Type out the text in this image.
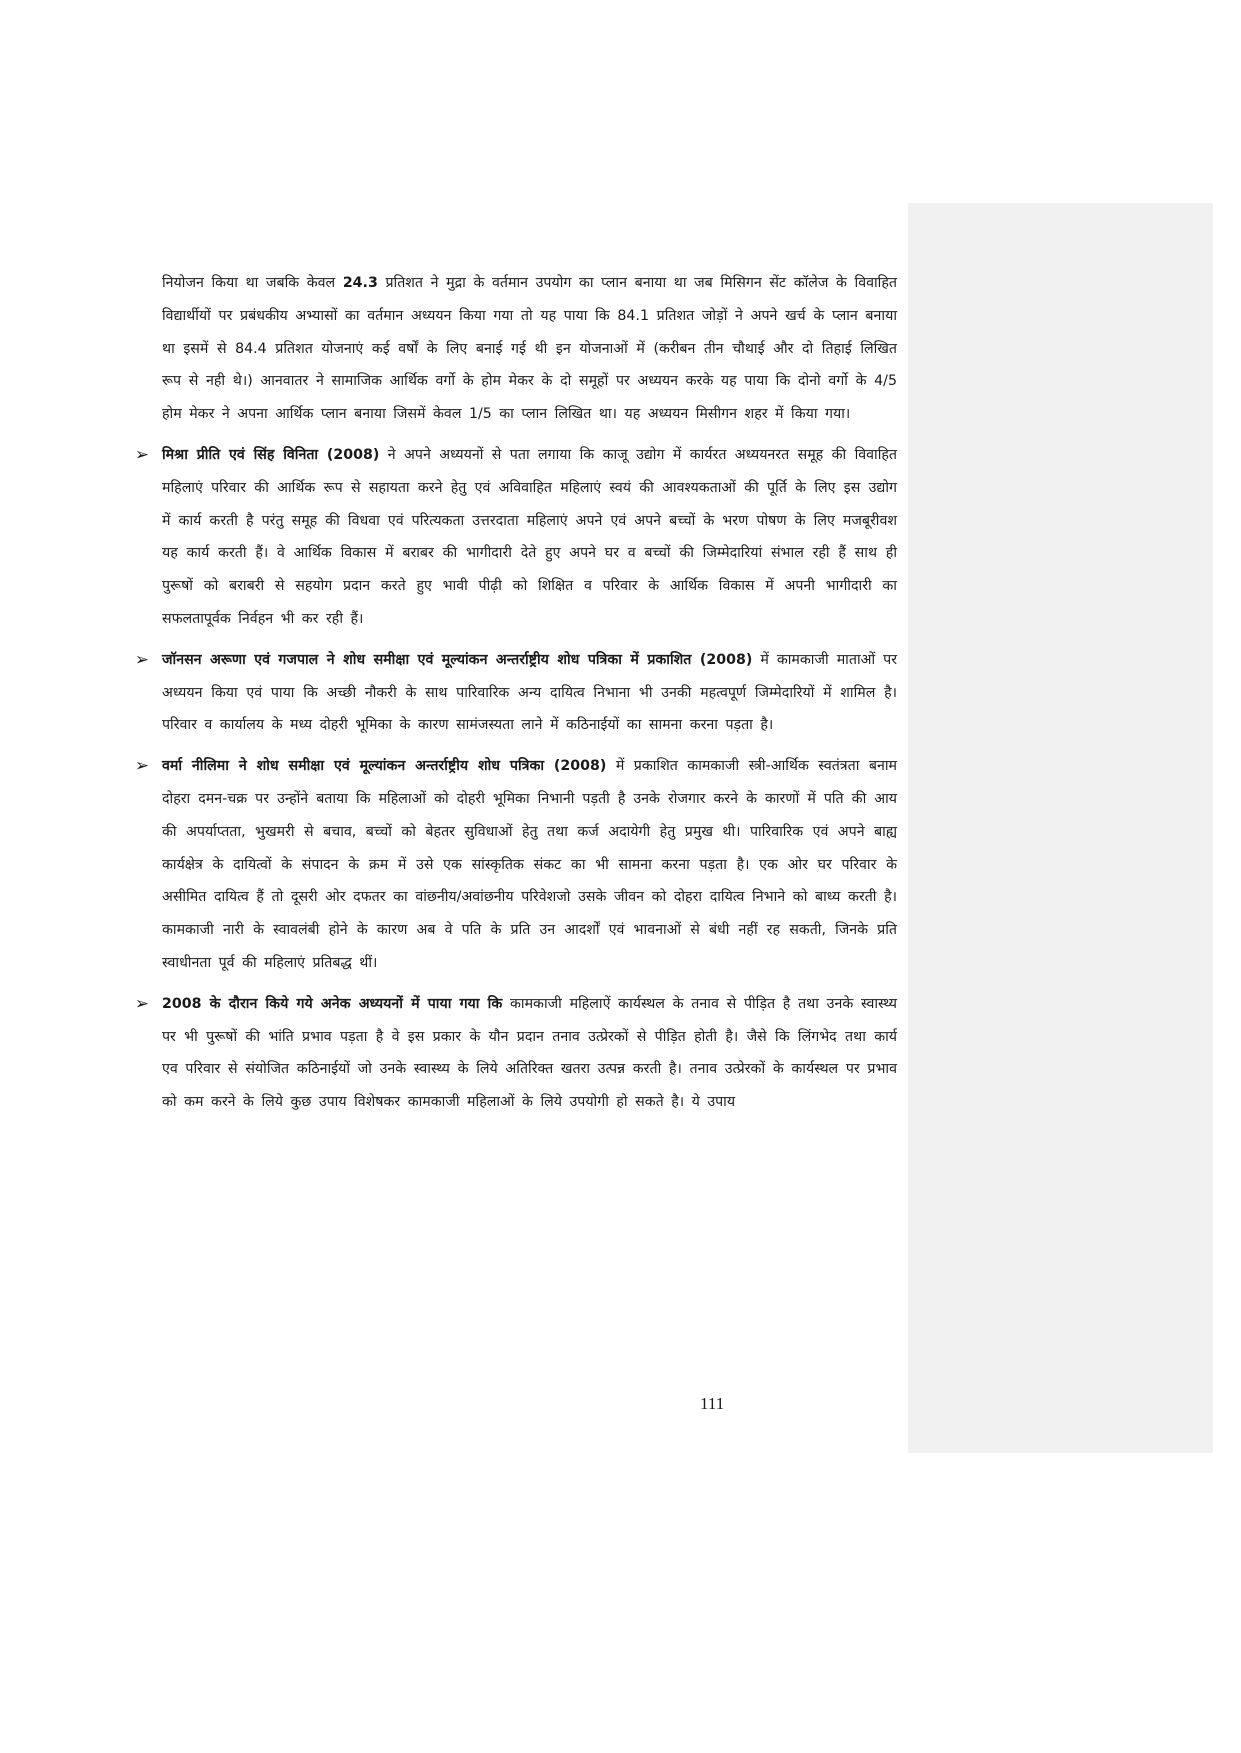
नियोजन किया था जबकि केवल 24.3 प्रतिशत ने मुद्रा के वर्तमान उपयोग का प्लान बनाया था जब मिसिगन सेंट कॉलेज के विवाहित विद्यार्थीयों पर प्रबंधकीय अभ्यासों का वर्तमान अध्ययन किया गया तो यह पाया कि 84.1 प्रतिशत जोड़ों ने अपने खर्च के प्लान बनाया था इसमें से 84.4 प्रतिशत योजनाएं कई वर्षों के लिए बनाई गई थी इन योजनाओं में (करीबन तीन चौथाई और दो तिहाई लिखित रूप से नही थे।) आनवातर ने सामाजिक आर्थिक वर्गो के होम मेकर के दो समूहों पर अध्ययन करके यह पाया कि दोनो वर्गो के 4/5 होम मेकर ने अपना आर्थिक प्लान बनाया जिसमें केवल 1/5 का प्लान लिखित था। यह अध्ययन मिसीगन शहर में किया गया।

➢ मिश्रा प्रीति एवं सिंह विनिता (2008) ने अपने अध्ययनों से पता लगाया कि काजू उद्योग में कार्यरत अध्ययनरत समूह की विवाहित महिलाएं परिवार की आर्थिक रूप से सहायता करने हेतु एवं अविवाहित महिलाएं स्वयं की आवश्यकताओं की पूर्ति के लिए इस उद्योग में कार्य करती है परंतु समूह की विधवा एवं परित्यकता उत्तरदाता महिलाएं अपने एवं अपने बच्चों के भरण पोषण के लिए मजबूरीवश यह कार्य करती हैं। वे आर्थिक विकास में बराबर की भागीदारी देते हुए अपने घर व बच्चों की जिम्मेदारियां संभाल रही हैं साथ ही पुरूषों को बराबरी से सहयोग प्रदान करते हुए भावी पीढ़ी को शिक्षित व परिवार के आर्थिक विकास में अपनी भागीदारी का सफलतापूर्वक निर्वहन भी कर रही हैं।

➢ जॉनसन अरूणा एवं गजपाल ने शोध समीक्षा एवं मूल्यांकन अन्तर्राष्ट्रीय शोध पत्रिका में प्रकाशित (2008) में कामकाजी माताओं पर अध्ययन किया एवं पाया कि अच्छी नौकरी के साथ पारिवारिक अन्य दायित्व निभाना भी उनकी महत्वपूर्ण जिम्मेदारियों में शामिल है। परिवार व कार्यालय के मध्य दोहरी भूमिका के कारण सामंजस्यता लाने में कठिनाईयों का सामना करना पड़ता है।

➢ वर्मा नीलिमा ने शोध समीक्षा एवं मूल्यांकन अन्तर्राष्ट्रीय शोध पत्रिका (2008) में प्रकाशित कामकाजी स्त्री-आर्थिक स्वतंत्रता बनाम दोहरा दमन-चक्र पर उन्होंने बताया कि महिलाओं को दोहरी भूमिका निभानी पड़ती है उनके रोजगार करने के कारणों में पति की आय की अपर्याप्तता, भुखमरी से बचाव, बच्चों को बेहतर सुविधाओं हेतु तथा कर्ज अदायेगी हेतु प्रमुख थी। पारिवारिक एवं अपने बाह्य कार्यक्षेत्र के दायित्वों के संपादन के क्रम में उसे एक सांस्कृतिक संकट का भी सामना करना पड़ता है। एक ओर घर परिवार के असीमित दायित्व हैं तो दूसरी ओर दफतर का वांछनीय/अवांछनीय परिवेशजो उसके जीवन को दोहरा दायित्व निभाने को बाध्य करती है। कामकाजी नारी के स्वावलंबी होने के कारण अब वे पति के प्रति उन आदर्शों एवं भावनाओं से बंधी नहीं रह सकती, जिनके प्रति स्वाधीनता पूर्व की महिलाएं प्रतिबद्ध थीं।

➢ 2008 के दौरान किये गये अनेक अध्ययनों में पाया गया कि कामकाजी महिलाऐं कार्यस्थल के तनाव से पीड़ित है तथा उनके स्वास्थ्य पर भी पुरूषों की भांति प्रभाव पड़ता है वे इस प्रकार के यौन प्रदान तनाव उत्प्रेरकों से पीड़ित होती है। जैसे कि लिंगभेद तथा कार्य एव परिवार से संयोजित कठिनाईयों जो उनके स्वास्थ्य के लिये अतिरिक्त खतरा उत्पन्न करती है। तनाव उत्प्रेरकों के कार्यस्थल पर प्रभाव को कम करने के लिये कुछ उपाय विशेषकर कामकाजी महिलाओं के लिये उपयोगी हो सकते है। ये उपाय

111
